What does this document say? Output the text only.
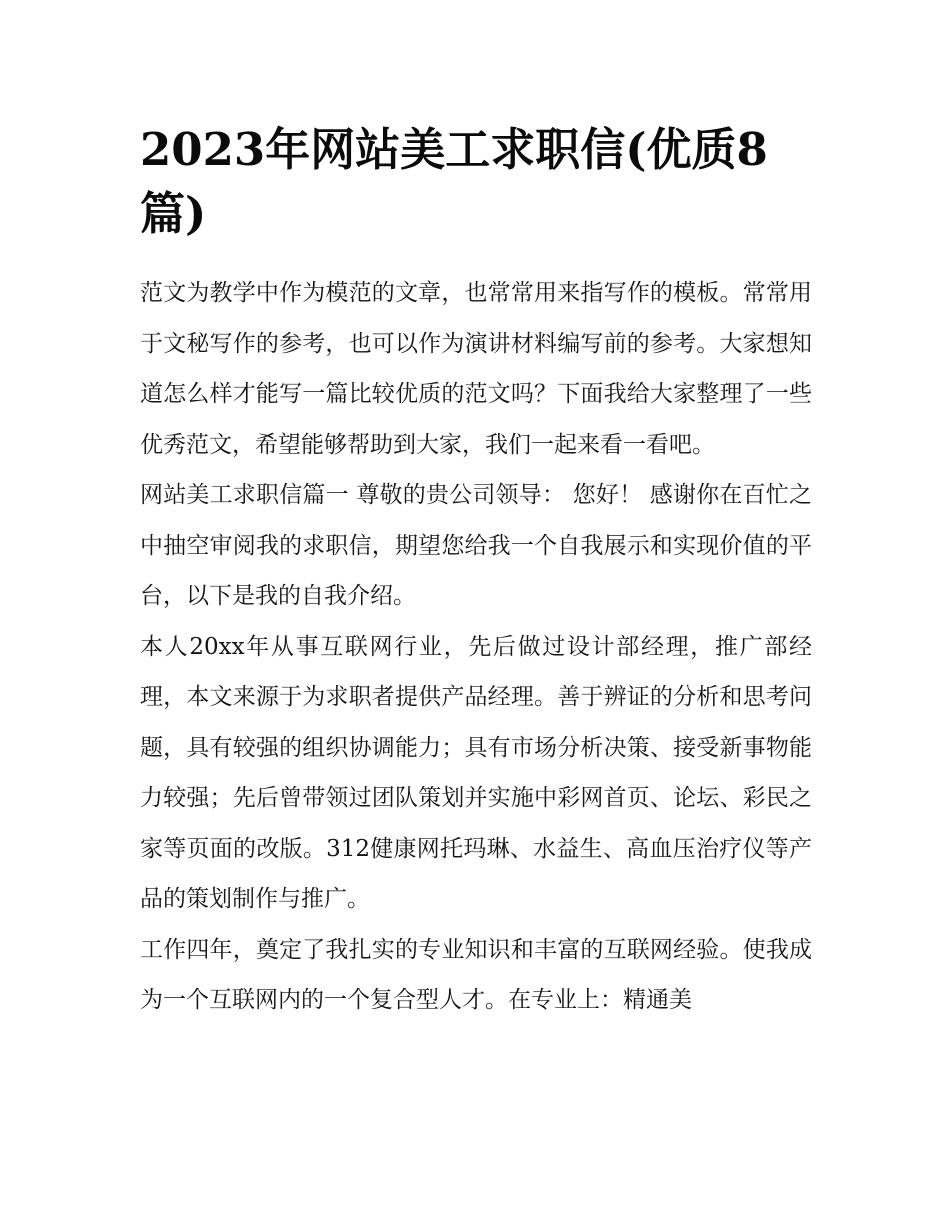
2023年网站美工求职信(优质8篇)

范文为教学中作为模范的文章，也常常用来指写作的模板。常常用于文秘写作的参考，也可以作为演讲材料编写前的参考。大家想知道怎么样才能写一篇比较优质的范文吗？下面我给大家整理了一些优秀范文，希望能够帮助到大家，我们一起来看一看吧。

网站美工求职信篇一 尊敬的贵公司领导： 您好！ 感谢你在百忙之中抽空审阅我的求职信，期望您给我一个自我展示和实现价值的平台，以下是我的自我介绍。

本人20xx年从事互联网行业，先后做过设计部经理，推广部经理，本文来源于为求职者提供产品经理。善于辨证的分析和思考问题，具有较强的组织协调能力；具有市场分析决策、接受新事物能力较强；先后曾带领过团队策划并实施中彩网首页、论坛、彩民之家等页面的改版。312健康网托玛琳、水益生、高血压治疗仪等产品的策划制作与推广。

工作四年，奠定了我扎实的专业知识和丰富的互联网经验。使我成为一个互联网内的一个复合型人才。在专业上：精通美
